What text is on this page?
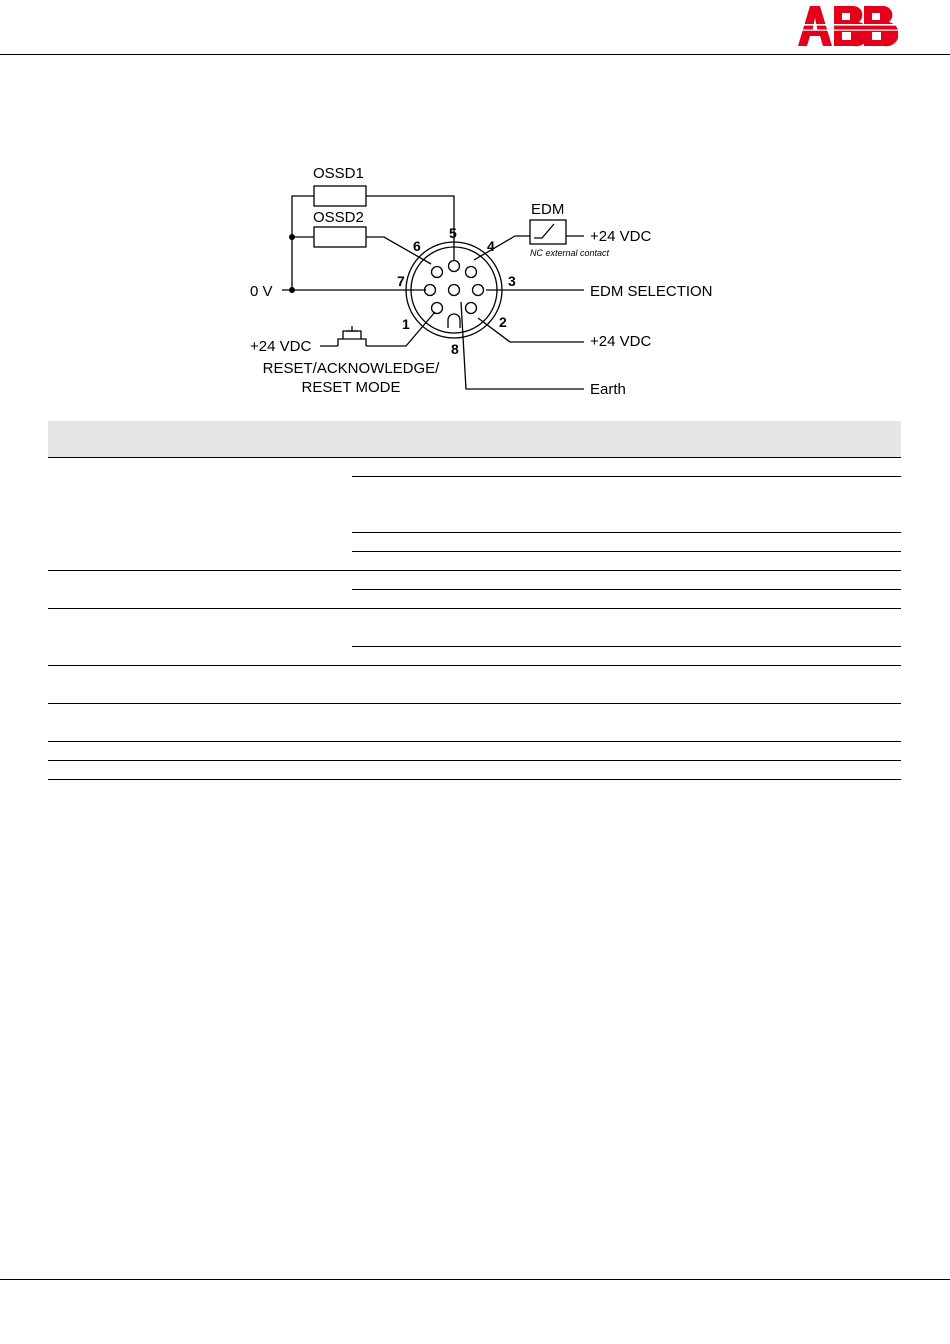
OSSD1
OSSD2	EDM
0 V
+24 VDC
EDM SELECTION
+24 VDC
Earth
+24 VDC
RESET/ACKNOWLEDGE/
RESET MODE
NC external contact
5
4
6
3
7
2
1
8
